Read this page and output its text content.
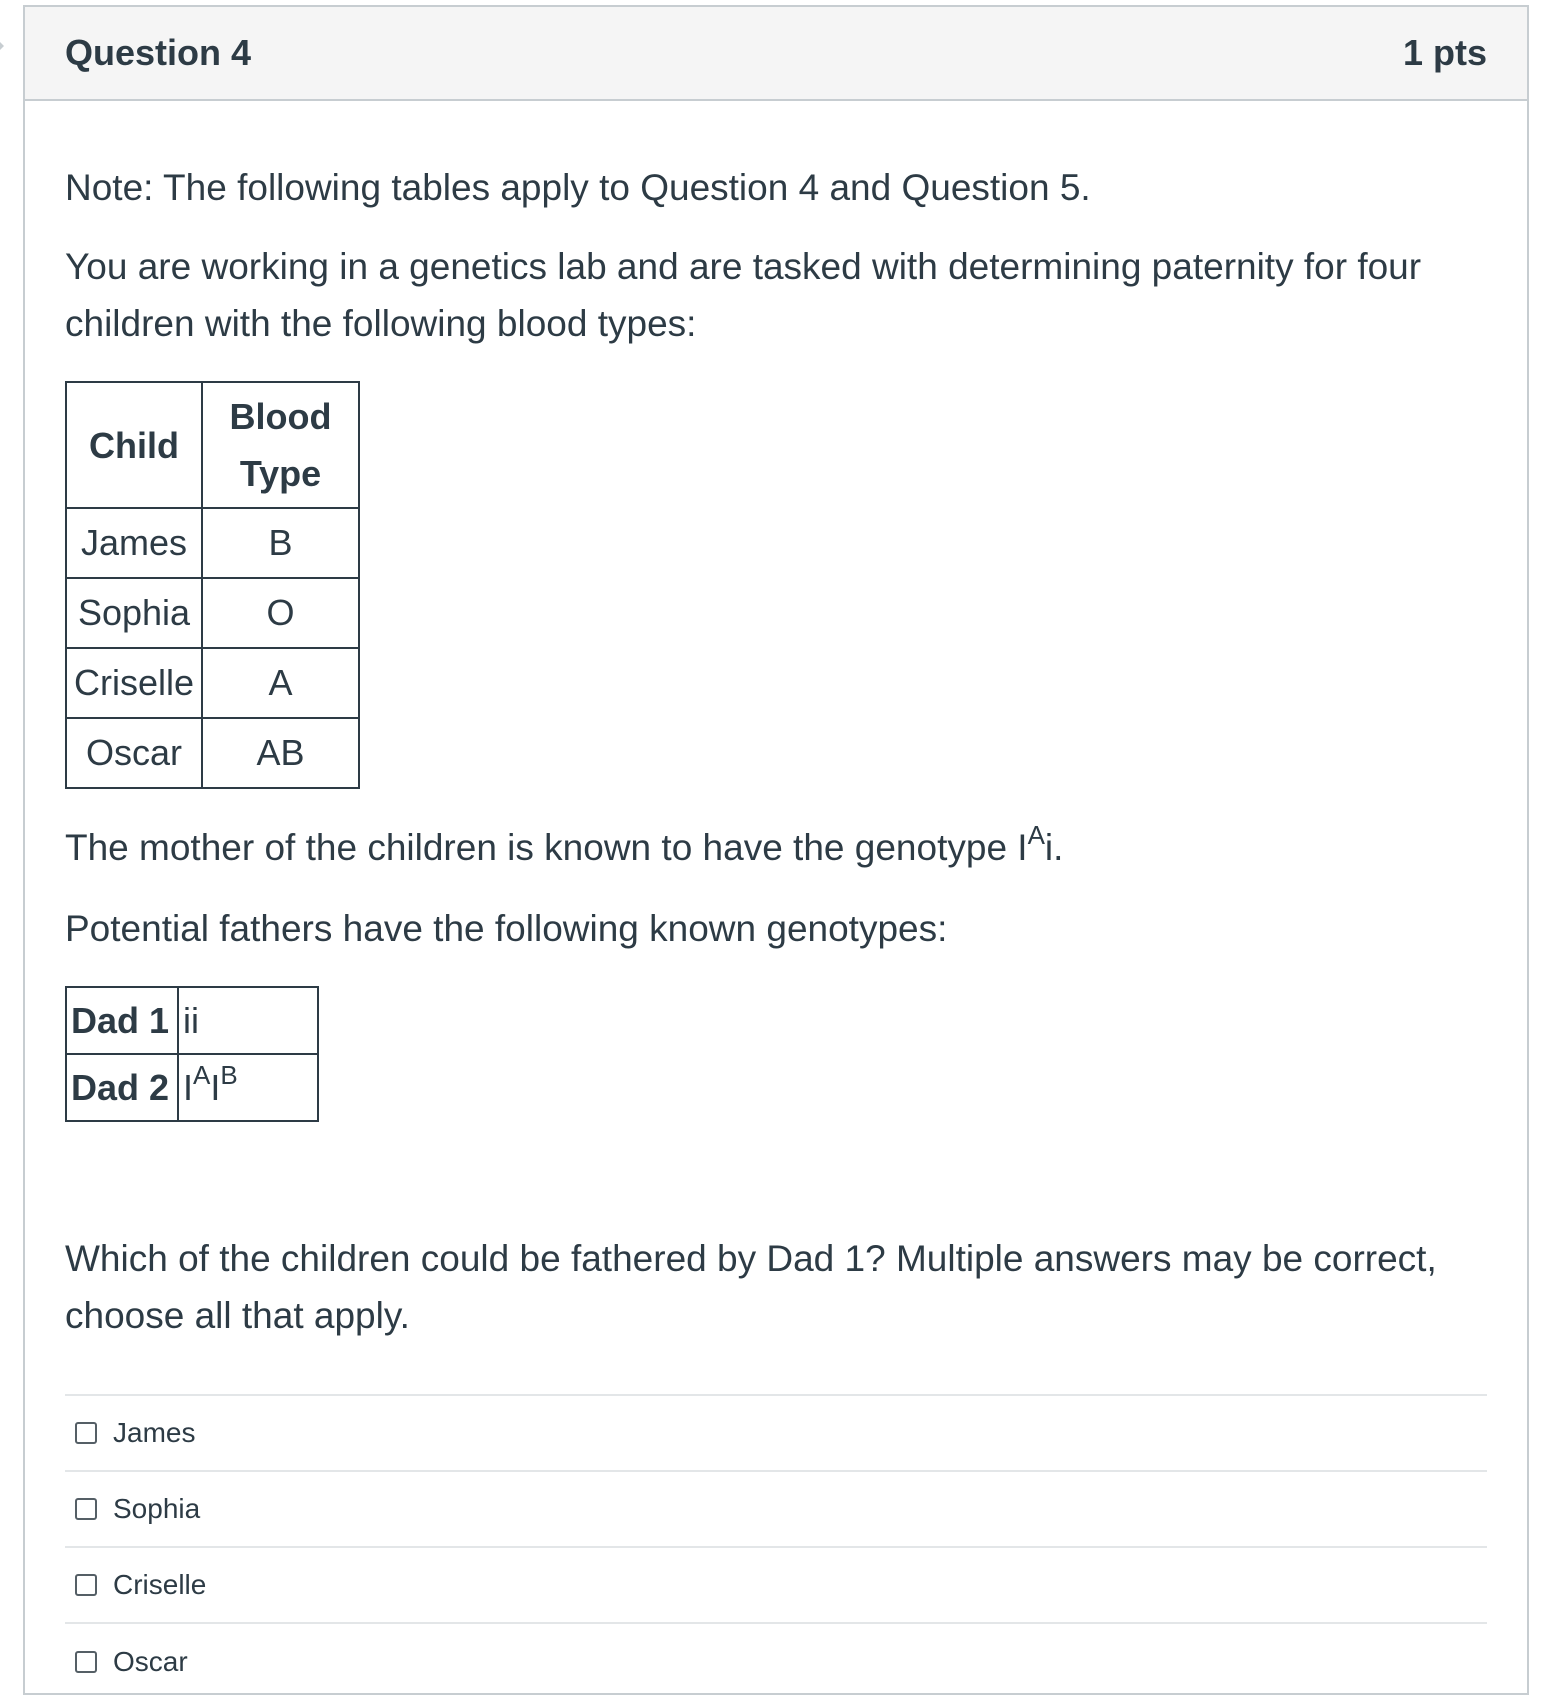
Question 4	1 pts

Note: The following tables apply to Question 4 and Question 5.

You are working in a genetics lab and are tasked with determining paternity for four children with the following blood types:

Child	Blood Type
James	B
Sophia	O
Criselle	A
Oscar	AB

The mother of the children is known to have the genotype $I^Ai$.

Potential fathers have the following known genotypes:

Dad 1	ii
Dad 2	$I^AI^B$

Which of the children could be fathered by Dad 1? Multiple answers may be correct, choose all that apply.

James
Sophia
Criselle
Oscar
